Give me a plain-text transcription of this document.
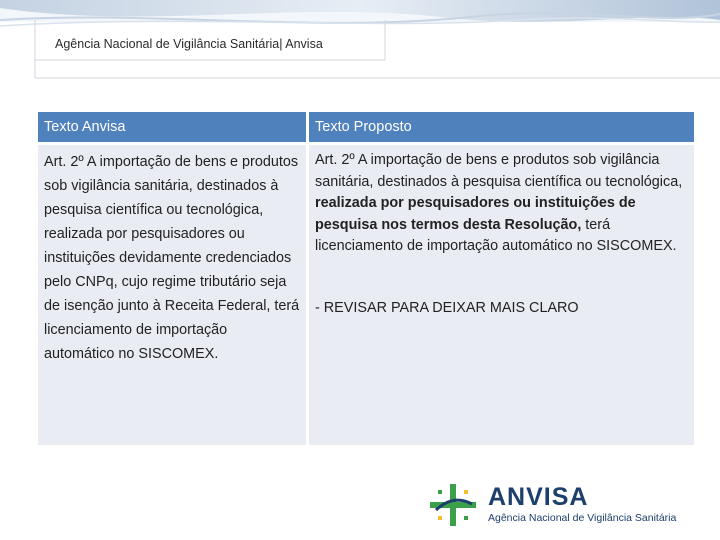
Agência Nacional de Vigilância Sanitária| Anvisa
Texto Anvisa	Texto Proposto
Art. 2º A importação de bens e produtos sob vigilância sanitária, destinados à pesquisa científica ou tecnológica, realizada por pesquisadores ou instituições devidamente credenciados pelo CNPq, cujo regime tributário seja de isenção junto à Receita Federal, terá licenciamento de importação automático no SISCOMEX.
Art. 2º A importação de bens e produtos sob vigilância sanitária, destinados à pesquisa científica ou tecnológica, realizada por pesquisadores ou instituições de pesquisa nos termos desta Resolução, terá licenciamento de importação automático no SISCOMEX.
- REVISAR PARA DEIXAR MAIS CLARO
ANVISA
Agência Nacional de Vigilância Sanitária
